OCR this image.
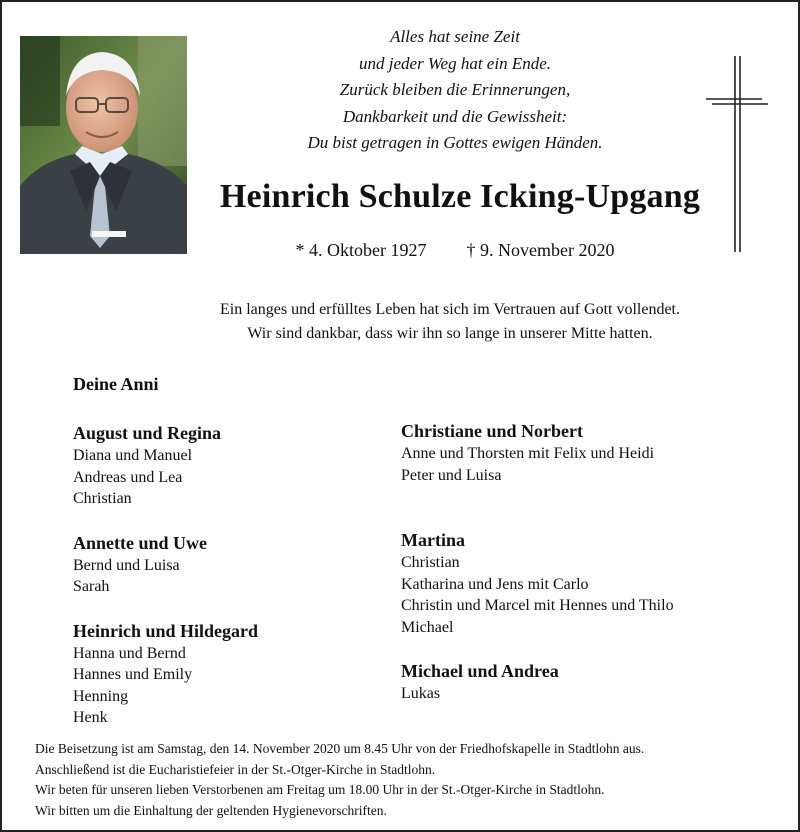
Alles hat seine Zeit
und jeder Weg hat ein Ende.
Zurück bleiben die Erinnerungen,
Dankbarkeit und die Gewissheit:
Du bist getragen in Gottes ewigen Händen.
Heinrich Schulze Icking-Upgang
* 4. Oktober 1927 † 9. November 2020
Ein langes und erfülltes Leben hat sich im Vertrauen auf Gott vollendet.
Wir sind dankbar, dass wir ihn so lange in unserer Mitte hatten.
Deine Anni
August und Regina
Diana und Manuel
Andreas und Lea
Christian
Annette und Uwe
Bernd und Luisa
Sarah
Heinrich und Hildegard
Hanna und Bernd
Hannes und Emily
Henning
Henk
Christiane und Norbert
Anne und Thorsten mit Felix und Heidi
Peter und Luisa
Martina
Christian
Katharina und Jens mit Carlo
Christin und Marcel mit Hennes und Thilo
Michael
Michael und Andrea
Lukas
Die Beisetzung ist am Samstag, den 14. November 2020 um 8.45 Uhr von der Friedhofskapelle in Stadtlohn aus.
Anschließend ist die Eucharistiefeier in der St.-Otger-Kirche in Stadtlohn.
Wir beten für unseren lieben Verstorbenen am Freitag um 18.00 Uhr in der St.-Otger-Kirche in Stadtlohn.
Wir bitten um die Einhaltung der geltenden Hygienevorschriften.
